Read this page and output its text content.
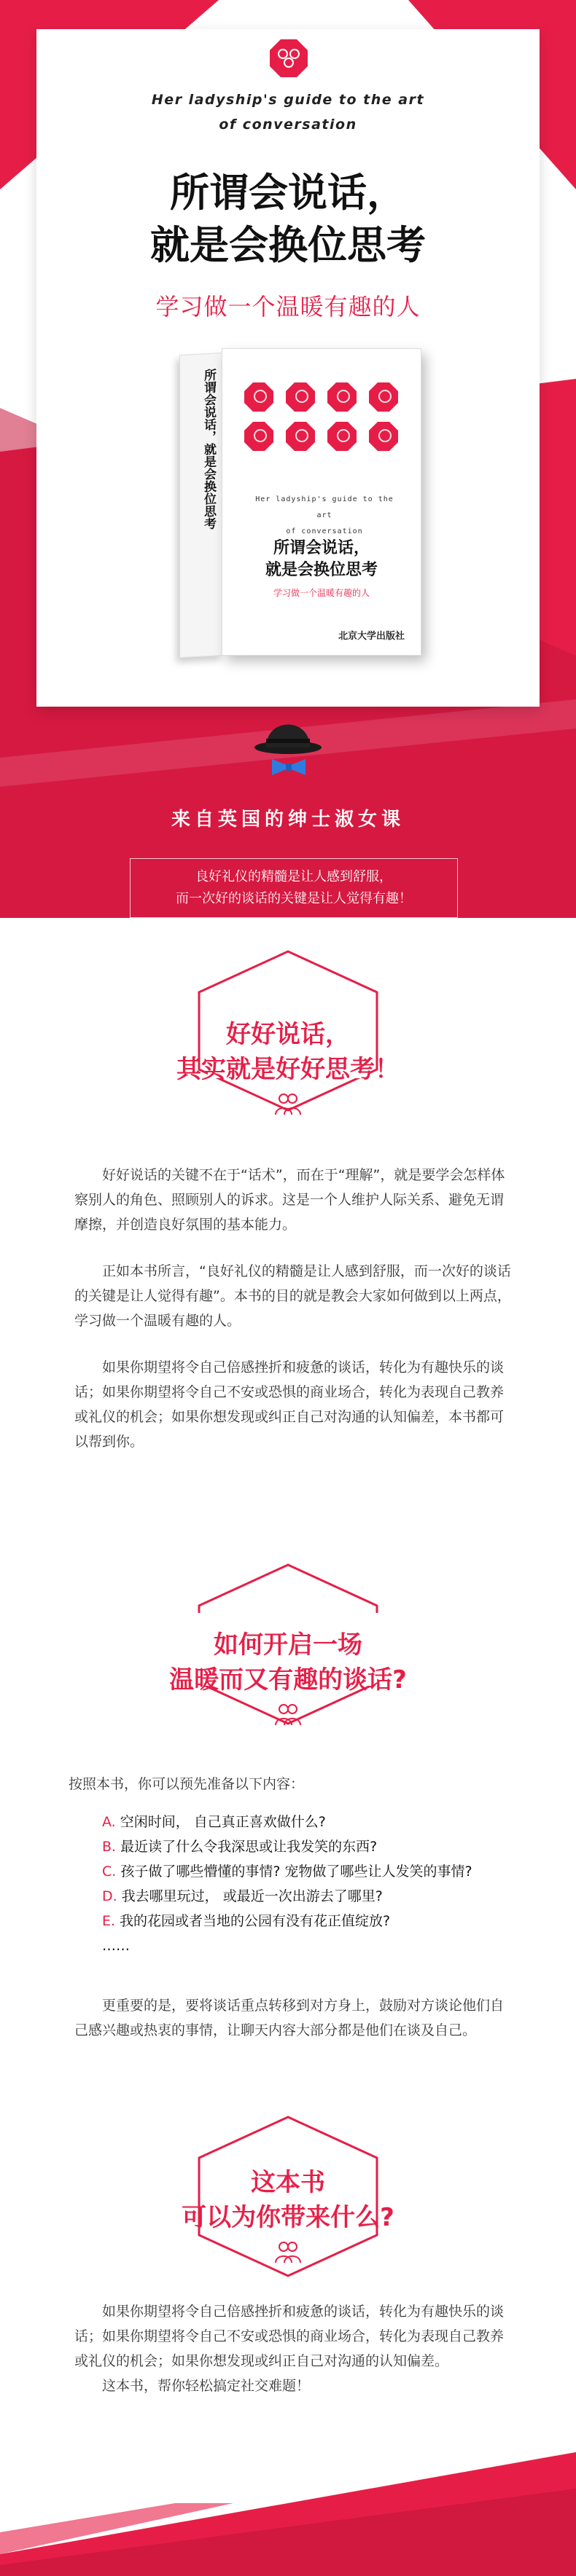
Her ladyship's guide to the art
of conversation
所谓会说话，
就是会换位思考
学习做一个温暖有趣的人
所谓会说话，就是会换位思考	Her ladyship's guide to the art
of conversation
所谓会说话，
就是会换位思考
学习做一个温暖有趣的人
北京大学出版社
来自英国的绅士淑女课
良好礼仪的精髓是让人感到舒服，
而一次好的谈话的关键是让人觉得有趣！
好好说话，
其实就是好好思考！

好好说话的关键不在于“话术”，而在于“理解”，就是要学会怎样体察别人的角色、照顾别人的诉求。这是一个人维护人际关系、避免无谓摩擦，并创造良好氛围的基本能力。

正如本书所言，“良好礼仪的精髓是让人感到舒服，而一次好的谈话的关键是让人觉得有趣”。本书的目的就是教会大家如何做到以上两点，学习做一个温暖有趣的人。

如果你期望将令自己倍感挫折和疲惫的谈话，转化为有趣快乐的谈话；如果你期望将令自己不安或恐惧的商业场合，转化为表现自己教养或礼仪的机会；如果你想发现或纠正自己对沟通的认知偏差，本书都可以帮到你。

如何开启一场
温暖而又有趣的谈话?

按照本书，你可以预先准备以下内容：

A. 空闲时间， 自己真正喜欢做什么?
B. 最近读了什么令我深思或让我发笑的东西?
C. 孩子做了哪些懵懂的事情? 宠物做了哪些让人发笑的事情?
D. 我去哪里玩过， 或最近一次出游去了哪里?
E. 我的花园或者当地的公园有没有花正值绽放?
……

更重要的是，要将谈话重点转移到对方身上，鼓励对方谈论他们自己感兴趣或热衷的事情，让聊天内容大部分都是他们在谈及自己。

这本书
可以为你带来什么?

如果你期望将令自己倍感挫折和疲惫的谈话，转化为有趣快乐的谈话；如果你期望将令自己不安或恐惧的商业场合，转化为表现自己教养或礼仪的机会；如果你想发现或纠正自己对沟通的认知偏差。

这本书，帮你轻松搞定社交难题！
